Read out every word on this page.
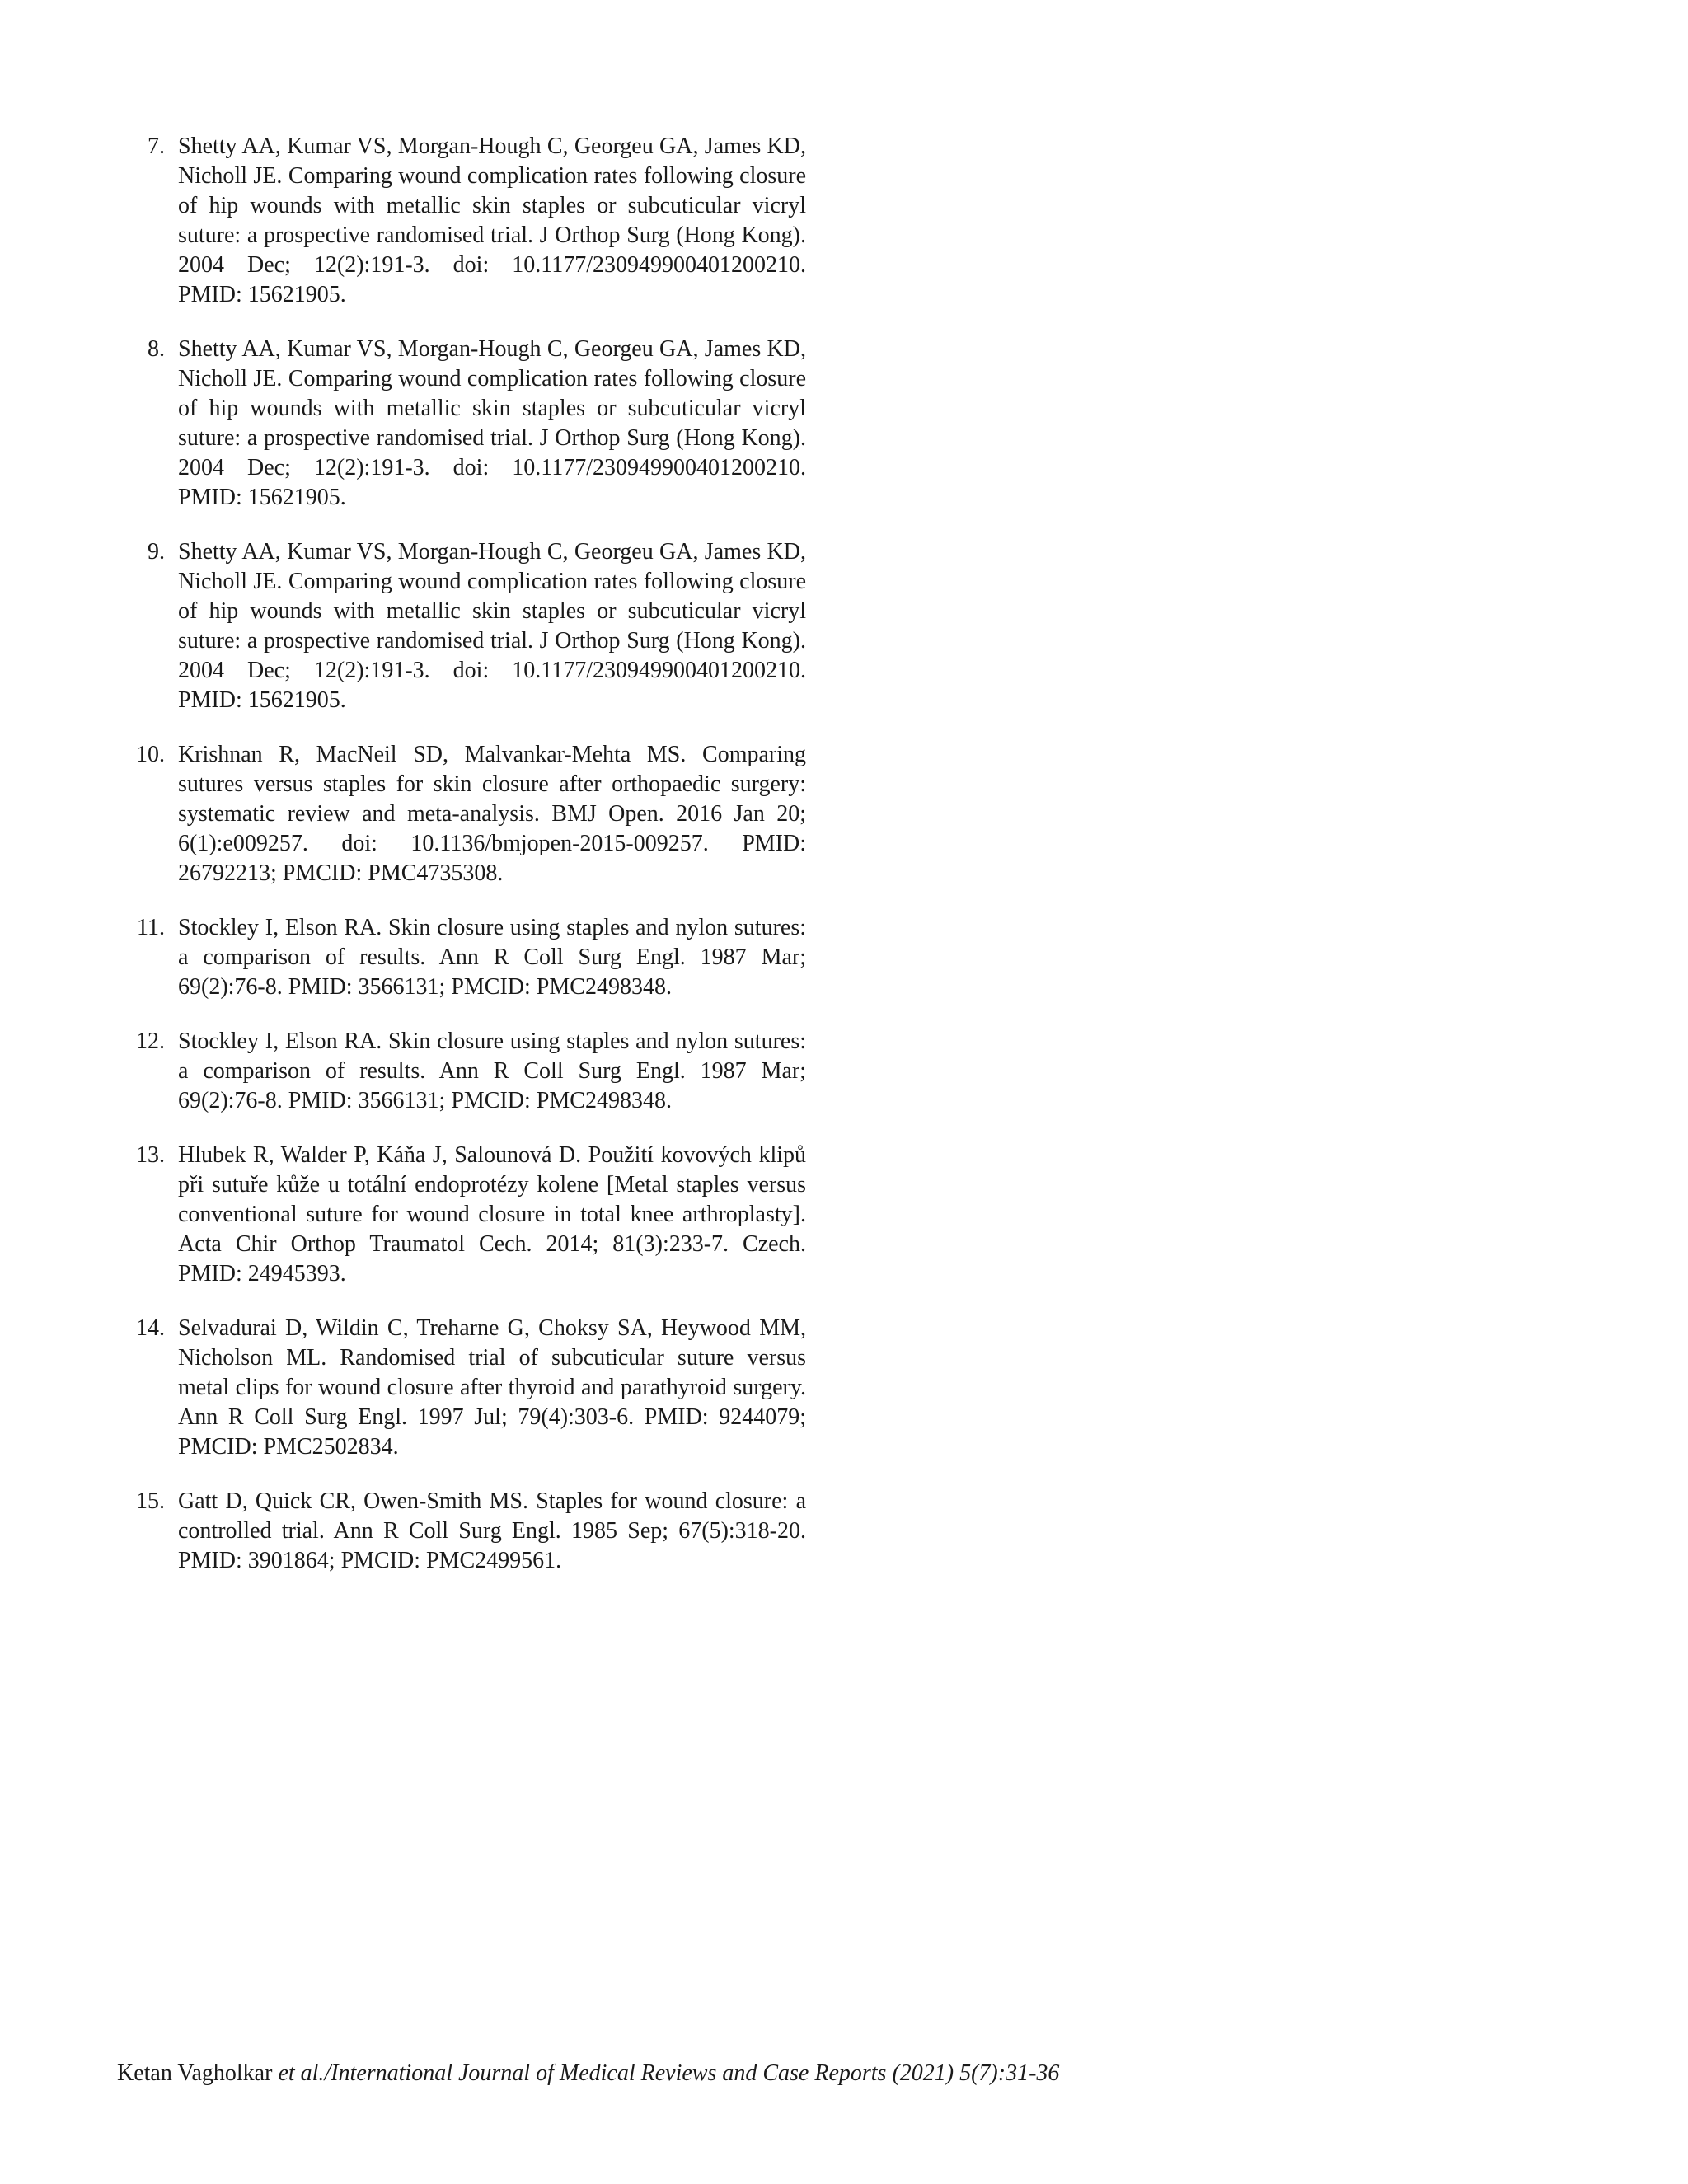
7. Shetty AA, Kumar VS, Morgan-Hough C, Georgeu GA, James KD, Nicholl JE. Comparing wound complication rates following closure of hip wounds with metallic skin staples or subcuticular vicryl suture: a prospective randomised trial. J Orthop Surg (Hong Kong). 2004 Dec; 12(2):191-3. doi: 10.1177/230949900401200210. PMID: 15621905.
8. Shetty AA, Kumar VS, Morgan-Hough C, Georgeu GA, James KD, Nicholl JE. Comparing wound complication rates following closure of hip wounds with metallic skin staples or subcuticular vicryl suture: a prospective randomised trial. J Orthop Surg (Hong Kong). 2004 Dec; 12(2):191-3. doi: 10.1177/230949900401200210. PMID: 15621905.
9. Shetty AA, Kumar VS, Morgan-Hough C, Georgeu GA, James KD, Nicholl JE. Comparing wound complication rates following closure of hip wounds with metallic skin staples or subcuticular vicryl suture: a prospective randomised trial. J Orthop Surg (Hong Kong). 2004 Dec; 12(2):191-3. doi: 10.1177/230949900401200210. PMID: 15621905.
10. Krishnan R, MacNeil SD, Malvankar-Mehta MS. Comparing sutures versus staples for skin closure after orthopaedic surgery: systematic review and meta-analysis. BMJ Open. 2016 Jan 20; 6(1):e009257. doi: 10.1136/bmjopen-2015-009257. PMID: 26792213; PMCID: PMC4735308.
11. Stockley I, Elson RA. Skin closure using staples and nylon sutures: a comparison of results. Ann R Coll Surg Engl. 1987 Mar; 69(2):76-8. PMID: 3566131; PMCID: PMC2498348.
12. Stockley I, Elson RA. Skin closure using staples and nylon sutures: a comparison of results. Ann R Coll Surg Engl. 1987 Mar; 69(2):76-8. PMID: 3566131; PMCID: PMC2498348.
13. Hlubek R, Walder P, Káňa J, Salounová D. Použití kovových klipů při sutuře kůže u totální endoprotézy kolene [Metal staples versus conventional suture for wound closure in total knee arthroplasty]. Acta Chir Orthop Traumatol Cech. 2014; 81(3):233-7. Czech. PMID: 24945393.
14. Selvadurai D, Wildin C, Treharne G, Choksy SA, Heywood MM, Nicholson ML. Randomised trial of subcuticular suture versus metal clips for wound closure after thyroid and parathyroid surgery. Ann R Coll Surg Engl. 1997 Jul; 79(4):303-6. PMID: 9244079; PMCID: PMC2502834.
15. Gatt D, Quick CR, Owen-Smith MS. Staples for wound closure: a controlled trial. Ann R Coll Surg Engl. 1985 Sep; 67(5):318-20. PMID: 3901864; PMCID: PMC2499561.
Ketan Vagholkar et al./International Journal of Medical Reviews and Case Reports (2021) 5(7):31-36
